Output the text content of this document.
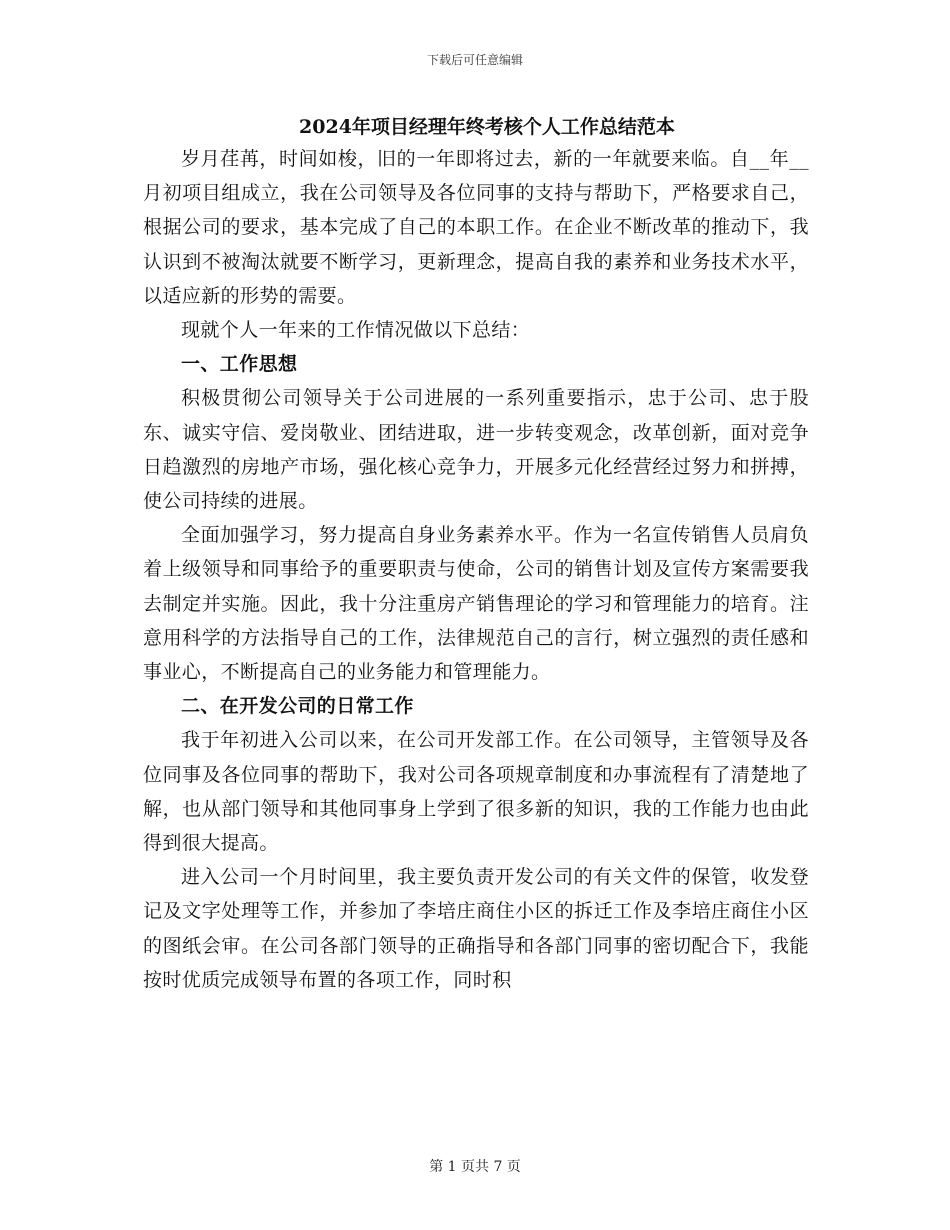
下载后可任意编辑
2024年项目经理年终考核个人工作总结范本

岁月荏苒，时间如梭，旧的一年即将过去，新的一年就要来临。自__年__月初项目组成立，我在公司领导及各位同事的支持与帮助下，严格要求自己，根据公司的要求，基本完成了自己的本职工作。在企业不断改革的推动下，我认识到不被淘汰就要不断学习，更新理念，提高自我的素养和业务技术水平，以适应新的形势的需要。

现就个人一年来的工作情况做以下总结：

一、工作思想

积极贯彻公司领导关于公司进展的一系列重要指示，忠于公司、忠于股东、诚实守信、爱岗敬业、团结进取，进一步转变观念，改革创新，面对竞争日趋激烈的房地产市场，强化核心竞争力，开展多元化经营经过努力和拼搏，使公司持续的进展。

全面加强学习，努力提高自身业务素养水平。作为一名宣传销售人员肩负着上级领导和同事给予的重要职责与使命，公司的销售计划及宣传方案需要我去制定并实施。因此，我十分注重房产销售理论的学习和管理能力的培育。注意用科学的方法指导自己的工作，法律规范自己的言行，树立强烈的责任感和事业心，不断提高自己的业务能力和管理能力。

二、在开发公司的日常工作

我于年初进入公司以来，在公司开发部工作。在公司领导，主管领导及各位同事及各位同事的帮助下，我对公司各项规章制度和办事流程有了清楚地了解，也从部门领导和其他同事身上学到了很多新的知识，我的工作能力也由此得到很大提高。

进入公司一个月时间里，我主要负责开发公司的有关文件的保管，收发登记及文字处理等工作，并参加了李培庄商住小区的拆迁工作及李培庄商住小区的图纸会审。在公司各部门领导的正确指导和各部门同事的密切配合下，我能按时优质完成领导布置的各项工作，同时积

第 1 页共 7 页
